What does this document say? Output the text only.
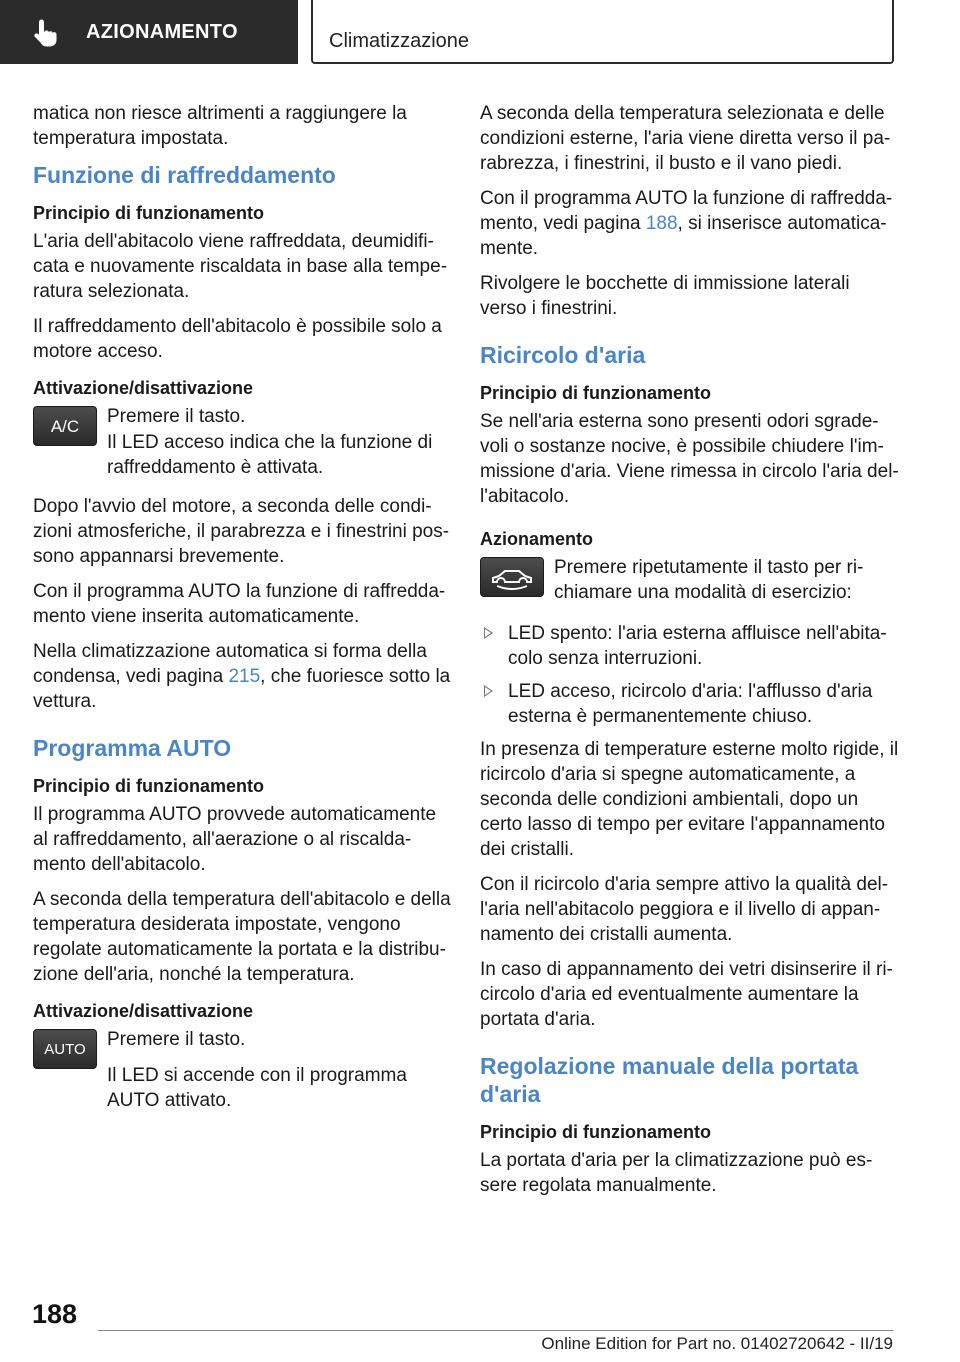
AZIONAMENTO	Climatizzazione

matica non riesce altrimenti a raggiungere la temperatura impostata.

Funzione di raffreddamento
Principio di funzionamento

L'aria dell'abitacolo viene raffreddata, deumidifi-cata e nuovamente riscaldata in base alla tempe-ratura selezionata.

Il raffreddamento dell'abitacolo è possibile solo a motore acceso.

Attivazione/disattivazione
A/C	Premere il tasto.

Il LED acceso indica che la funzione di raffreddamento è attivata.

Dopo l'avvio del motore, a seconda delle condi-zioni atmosferiche, il parabrezza e i finestrini pos-sono appannarsi brevemente.

Con il programma AUTO la funzione di raffredda-mento viene inserita automaticamente.

Nella climatizzazione automatica si forma della condensa, vedi pagina 215, che fuoriesce sotto la vettura.

Programma AUTO
Principio di funzionamento

Il programma AUTO provvede automaticamente al raffreddamento, all'aerazione o al riscalda-mento dell'abitacolo.

A seconda della temperatura dell'abitacolo e della temperatura desiderata impostate, vengono regolate automaticamente la portata e la distribu-zione dell'aria, nonché la temperatura.

Attivazione/disattivazione
AUTO	Premere il tasto.

Il LED si accende con il programma AUTO attivato.

A seconda della temperatura selezionata e delle condizioni esterne, l'aria viene diretta verso il pa-rabrezza, i finestrini, il busto e il vano piedi.

Con il programma AUTO la funzione di raffredda-mento, vedi pagina 188, si inserisce automatica-mente.

Rivolgere le bocchette di immissione laterali verso i finestrini.

Ricircolo d'aria
Principio di funzionamento

Se nell'aria esterna sono presenti odori sgrade-voli o sostanze nocive, è possibile chiudere l'im-missione d'aria. Viene rimessa in circolo l'aria del-l'abitacolo.

Azionamento

Premere ripetutamente il tasto per ri-chiamare una modalità di esercizio:

LED spento: l'aria esterna affluisce nell'abita-colo senza interruzioni.
LED acceso, ricircolo d'aria: l'afflusso d'aria esterna è permanentemente chiuso.

In presenza di temperature esterne molto rigide, il ricircolo d'aria si spegne automaticamente, a seconda delle condizioni ambientali, dopo un certo lasso di tempo per evitare l'appannamento dei cristalli.

Con il ricircolo d'aria sempre attivo la qualità del-l'aria nell'abitacolo peggiora e il livello di appan-namento dei cristalli aumenta.

In caso di appannamento dei vetri disinserire il ri-circolo d'aria ed eventualmente aumentare la portata d'aria.

Regolazione manuale della portata d'aria
Principio di funzionamento

La portata d'aria per la climatizzazione può es-sere regolata manualmente.

188
Online Edition for Part no. 01402720642 - II/19
